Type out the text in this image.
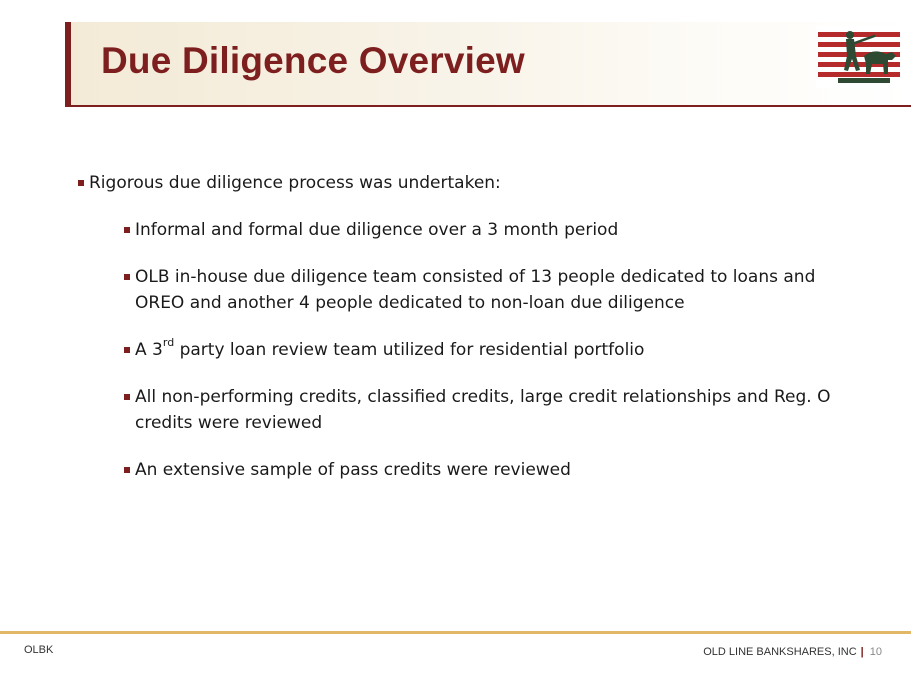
Due Diligence Overview
Rigorous due diligence process was undertaken:
Informal and formal due diligence over a 3 month period
OLB in-house due diligence team consisted of 13 people dedicated to loans and OREO and another 4 people dedicated to non-loan due diligence
A 3rd party loan review team utilized for residential portfolio
All non-performing credits, classified credits, large credit relationships and Reg. O credits were reviewed
An extensive sample of pass credits were reviewed
OLBK	OLD LINE BANKSHARES, INC | 10
